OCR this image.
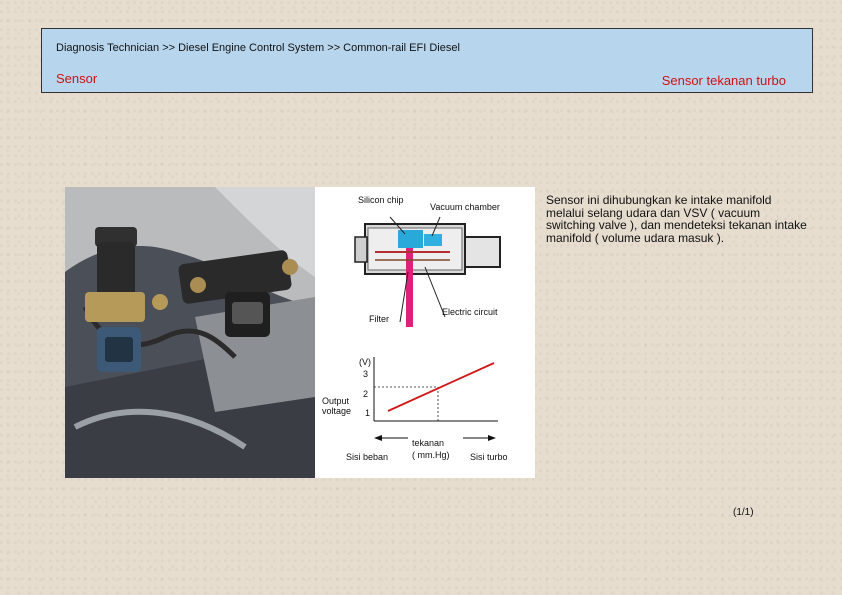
Diagnosis Technician >> Diesel Engine Control System >> Common-rail EFI Diesel
Sensor	Sensor tekanan turbo
Silicon chip
Vacuum chamber
Filter
Electric circuit
(V)
3
2
1
Output
voltage
Sisi beban
tekanan
( mm.Hg) Sisi turbo
Sensor ini dihubungkan ke intake manifold melalui selang udara dan VSV ( vacuum switching valve ), dan mendeteksi tekanan intake manifold ( volume udara masuk ).
(1/1)
